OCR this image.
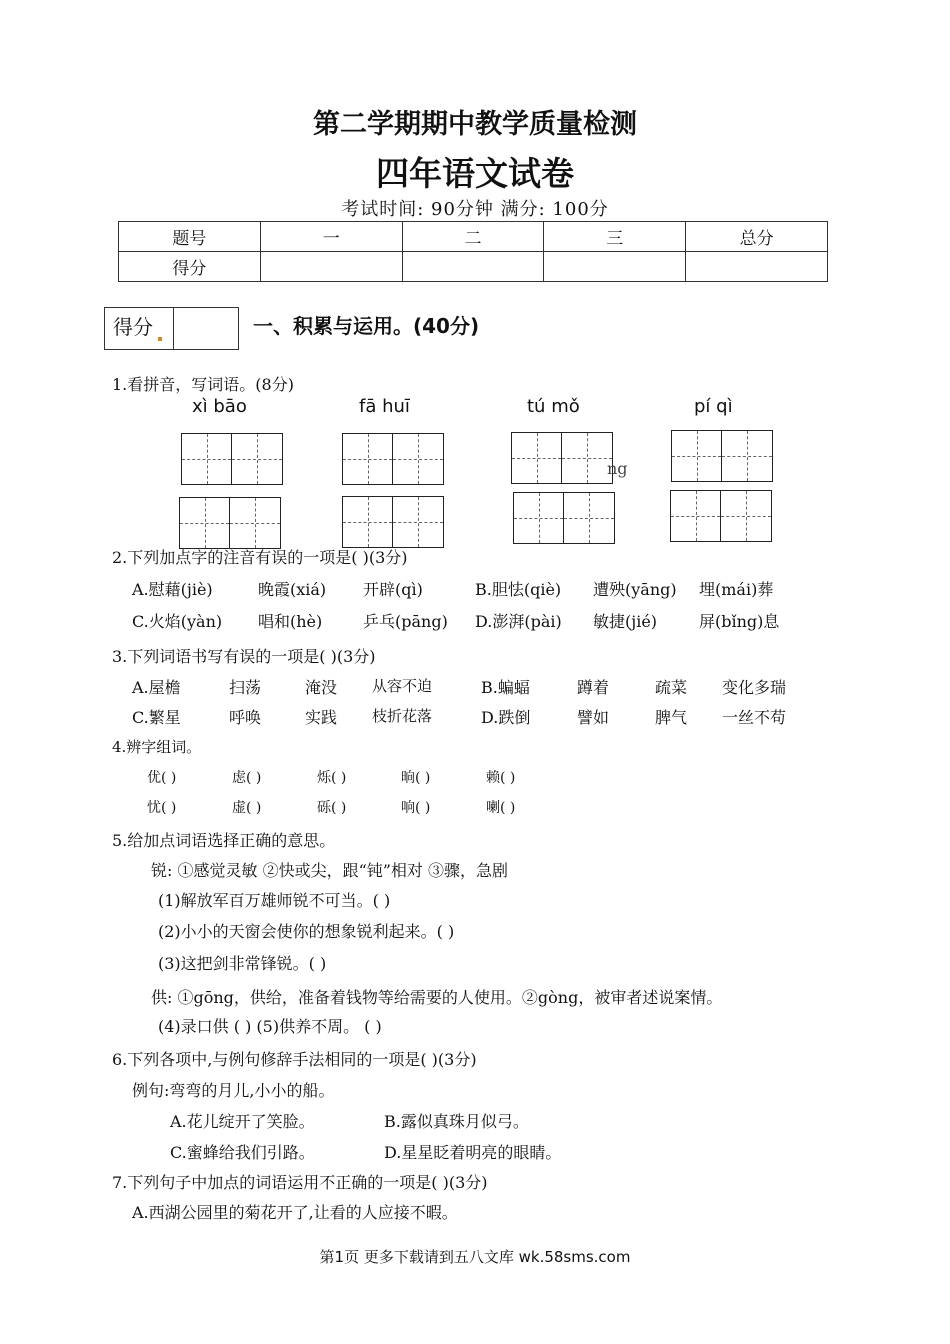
第二学期期中教学质量检测
四年语文试卷
考试时间: 90分钟 满分: 100分
题号	一	二	三	总分
得分				
得分	一、积累与运用。(40分)
1.看拼音，写词语。(8分)
xì bāo	fā huī	tú mǒ	pí qì
ng
2.下列加点字的注音有误的一项是( )(3分)
A.慰藉(jiè)	晚霞(xiá) 开辟(qì)	B.胆怯(qiè) 遭殃(yāng) 埋(mái)葬
C.火焰(yàn) 唱和(hè)	乒乓(pāng) D.澎湃(pài) 敏捷(jié)	屏(bǐng)息
3.下列词语书写有误的一项是( )(3分)
A.屋檐	扫荡	淹没 从容不迫	B.蝙蝠	蹲着	疏菜 变化多瑞
C.繁星	呼唤	实践 枝折花落	D.跌倒	譬如	脾气 一丝不苟
4.辨字组词。
优( )	虑( )	烁( )	晌( )	赖( )
忧( )	虚( )	砾( )	响( )	喇( )
5.给加点词语选择正确的意思。
锐: ①感觉灵敏 ②快或尖，跟“钝”相对 ③骤，急剧
(1)解放军百万雄师锐不可当。( )
(2)小小的天窗会使你的想象锐利起来。( )
(3)这把剑非常锋锐。( )
供: ①gōng，供给，准备着钱物等给需要的人使用。②gòng，被审者述说案情。
(4)录口供 ( ) (5)供养不周。 ( )
6.下列各项中,与例句修辞手法相同的一项是( )(3分)
例句:弯弯的月儿,小小的船。
A.花儿绽开了笑脸。	B.露似真珠月似弓。
C.蜜蜂给我们引路。	D.星星眨着明亮的眼睛。
7.下列句子中加点的词语运用不正确的一项是( )(3分)
A.西湖公园里的菊花开了,让看的人应接不暇。
第1页 更多下载请到五八文库 wk.58sms.com
